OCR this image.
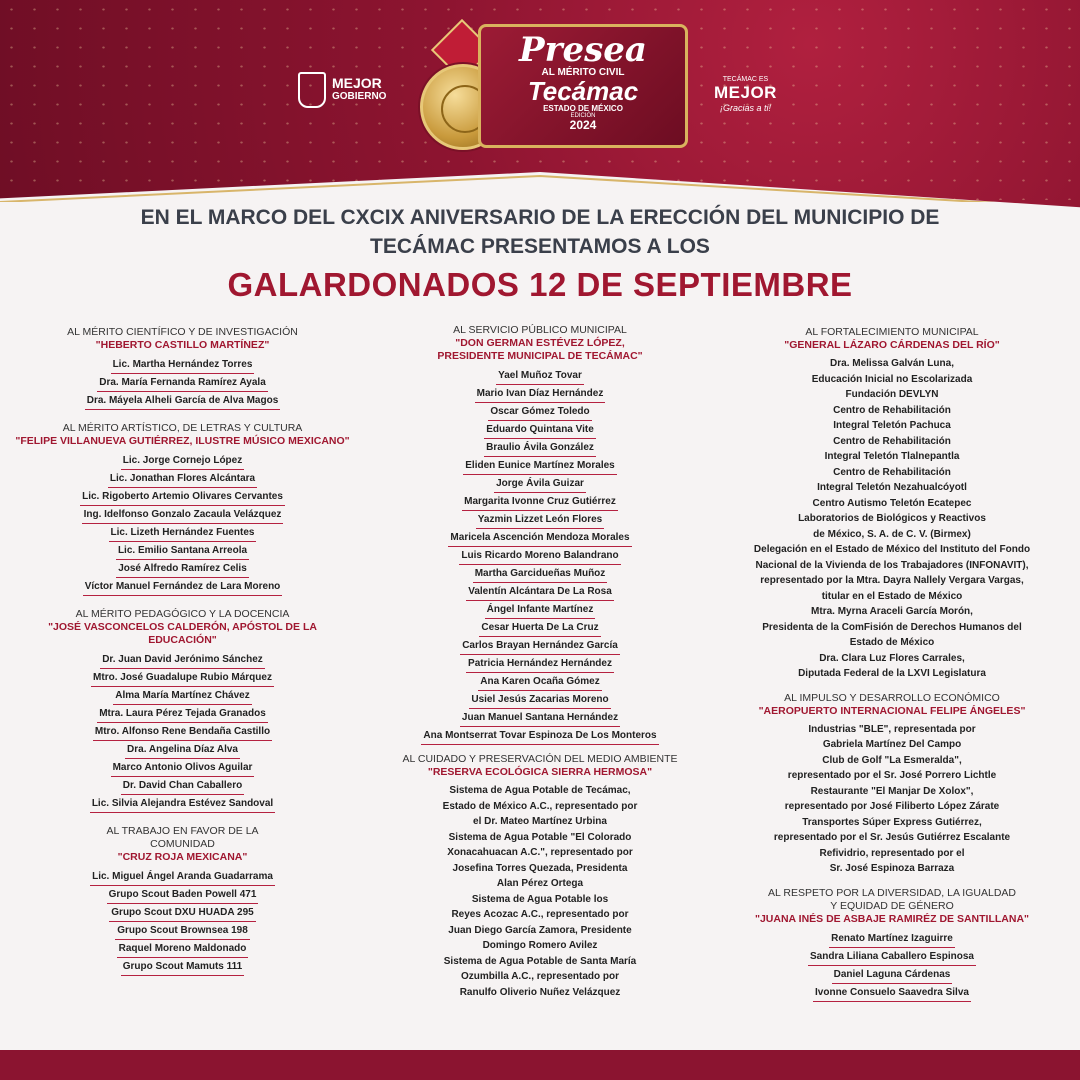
MEJOR
GOBIERNO
Presea
AL MÉRITO CIVIL
Tecámac
ESTADO DE MÉXICO
EDICIÓN
2024
TECÁMAC ES
MEJOR
¡Gracias a ti!
EN EL MARCO DEL CXCIX ANIVERSARIO DE LA ERECCIÓN DEL MUNICIPIO DE
TECÁMAC PRESENTAMOS A LOS
GALARDONADOS 12 DE SEPTIEMBRE
AL MÉRITO CIENTÍFICO Y DE INVESTIGACIÓN
"HEBERTO CASTILLO MARTÍNEZ"
Lic. Martha Hernández Torres
Dra. María Fernanda Ramírez Ayala
Dra. Máyela Alheli García de Alva Magos
AL MÉRITO ARTÍSTICO, DE LETRAS Y CULTURA
"FELIPE VILLANUEVA GUTIÉRREZ, ILUSTRE MÚSICO MEXICANO"
Lic. Jorge Cornejo López
Lic. Jonathan Flores Alcántara
Lic. Rigoberto Artemio Olivares Cervantes
Ing. Idelfonso Gonzalo Zacaula Velázquez
Lic. Lizeth Hernández Fuentes
Lic. Emilio Santana Arreola
José Alfredo Ramírez Celis
Víctor Manuel Fernández de Lara Moreno
AL MÉRITO PEDAGÓGICO Y LA DOCENCIA
"JOSÉ VASCONCELOS CALDERÓN, APÓSTOL DE LA EDUCACIÓN"
Dr. Juan David Jerónimo Sánchez
Mtro. José Guadalupe Rubio Márquez
Alma María Martínez Chávez
Mtra. Laura Pérez Tejada Granados
Mtro. Alfonso Rene Bendaña Castillo
Dra. Angelina Díaz Alva
Marco Antonio Olivos Aguilar
Dr. David Chan Caballero
Lic. Silvia Alejandra Estévez Sandoval
AL TRABAJO EN FAVOR DE LA
COMUNIDAD
"CRUZ ROJA MEXICANA"
Lic. Miguel Ángel Aranda Guadarrama
Grupo Scout Baden Powell 471
Grupo Scout DXU HUADA 295
Grupo Scout Brownsea 198
Raquel Moreno Maldonado
Grupo Scout Mamuts 111
AL SERVICIO PÚBLICO MUNICIPAL
"DON GERMAN ESTÉVEZ LÓPEZ,
PRESIDENTE MUNICIPAL DE TECÁMAC"
Yael Muñoz Tovar
Mario Ivan Díaz Hernández
Oscar Gómez Toledo
Eduardo Quintana Vite
Braulio Ávila González
Eliden Eunice Martínez Morales
Jorge Ávila Guizar
Margarita Ivonne Cruz Gutiérrez
Yazmin Lizzet León Flores
Maricela Ascención Mendoza Morales
Luis Ricardo Moreno Balandrano
Martha Garcidueñas Muñoz
Valentín Alcántara De La Rosa
Ángel Infante Martínez
Cesar Huerta De La Cruz
Carlos Brayan Hernández García
Patricia Hernández Hernández
Ana Karen Ocaña Gómez
Usiel Jesús Zacarias Moreno
Juan Manuel Santana Hernández
Ana Montserrat Tovar Espinoza De Los Monteros
AL CUIDADO Y PRESERVACIÓN DEL MEDIO AMBIENTE
"RESERVA ECOLÓGICA SIERRA HERMOSA"
Sistema de Agua Potable de Tecámac,
Estado de México A.C., representado por
el Dr. Mateo Martínez Urbina
Sistema de Agua Potable "El Colorado
Xonacahuacan A.C.", representado por
Josefina Torres Quezada, Presidenta
Alan Pérez Ortega
Sistema de Agua Potable los
Reyes Acozac A.C., representado por
Juan Diego García Zamora, Presidente
Domingo Romero Avilez
Sistema de Agua Potable de Santa María
Ozumbilla A.C., representado por
Ranulfo Oliverio Nuñez Velázquez
AL FORTALECIMIENTO MUNICIPAL
"GENERAL LÁZARO CÁRDENAS DEL RÍO"
Dra. Melissa Galván Luna,
Educación Inicial no Escolarizada
Fundación DEVLYN
Centro de Rehabilitación
Integral Teletón Pachuca
Centro de Rehabilitación
Integral Teletón Tlalnepantla
Centro de Rehabilitación
Integral Teletón Nezahualcóyotl
Centro Autismo Teletón Ecatepec
Laboratorios de Biológicos y Reactivos
de México, S. A. de C. V. (Birmex)
Delegación en el Estado de México del Instituto del Fondo
Nacional de la Vivienda de los Trabajadores (INFONAVIT),
representado por la Mtra. Dayra Nallely Vergara Vargas,
titular en el Estado de México
Mtra. Myrna Araceli García Morón,
Presidenta de la ComFisión de Derechos Humanos del
Estado de México
Dra. Clara Luz Flores Carrales,
Diputada Federal de la LXVI Legislatura
AL IMPULSO Y DESARROLLO ECONÓMICO
"AEROPUERTO INTERNACIONAL FELIPE ÁNGELES"
Industrias "BLE", representada por
Gabriela Martínez Del Campo
Club de Golf "La Esmeralda",
representado por el Sr. José Porrero Lichtle
Restaurante "El Manjar De Xolox",
representado por José Filiberto López Zárate
Transportes Súper Express Gutiérrez,
representado por el Sr. Jesús Gutiérrez Escalante
Refividrio, representado por el
Sr. José Espinoza Barraza
AL RESPETO POR LA DIVERSIDAD, LA IGUALDAD
Y EQUIDAD DE GÉNERO
"JUANA INÉS DE ASBAJE RAMIRÉZ DE SANTILLANA"
Renato Martínez Izaguirre
Sandra Liliana Caballero Espinosa
Daniel Laguna Cárdenas
Ivonne Consuelo Saavedra Silva
